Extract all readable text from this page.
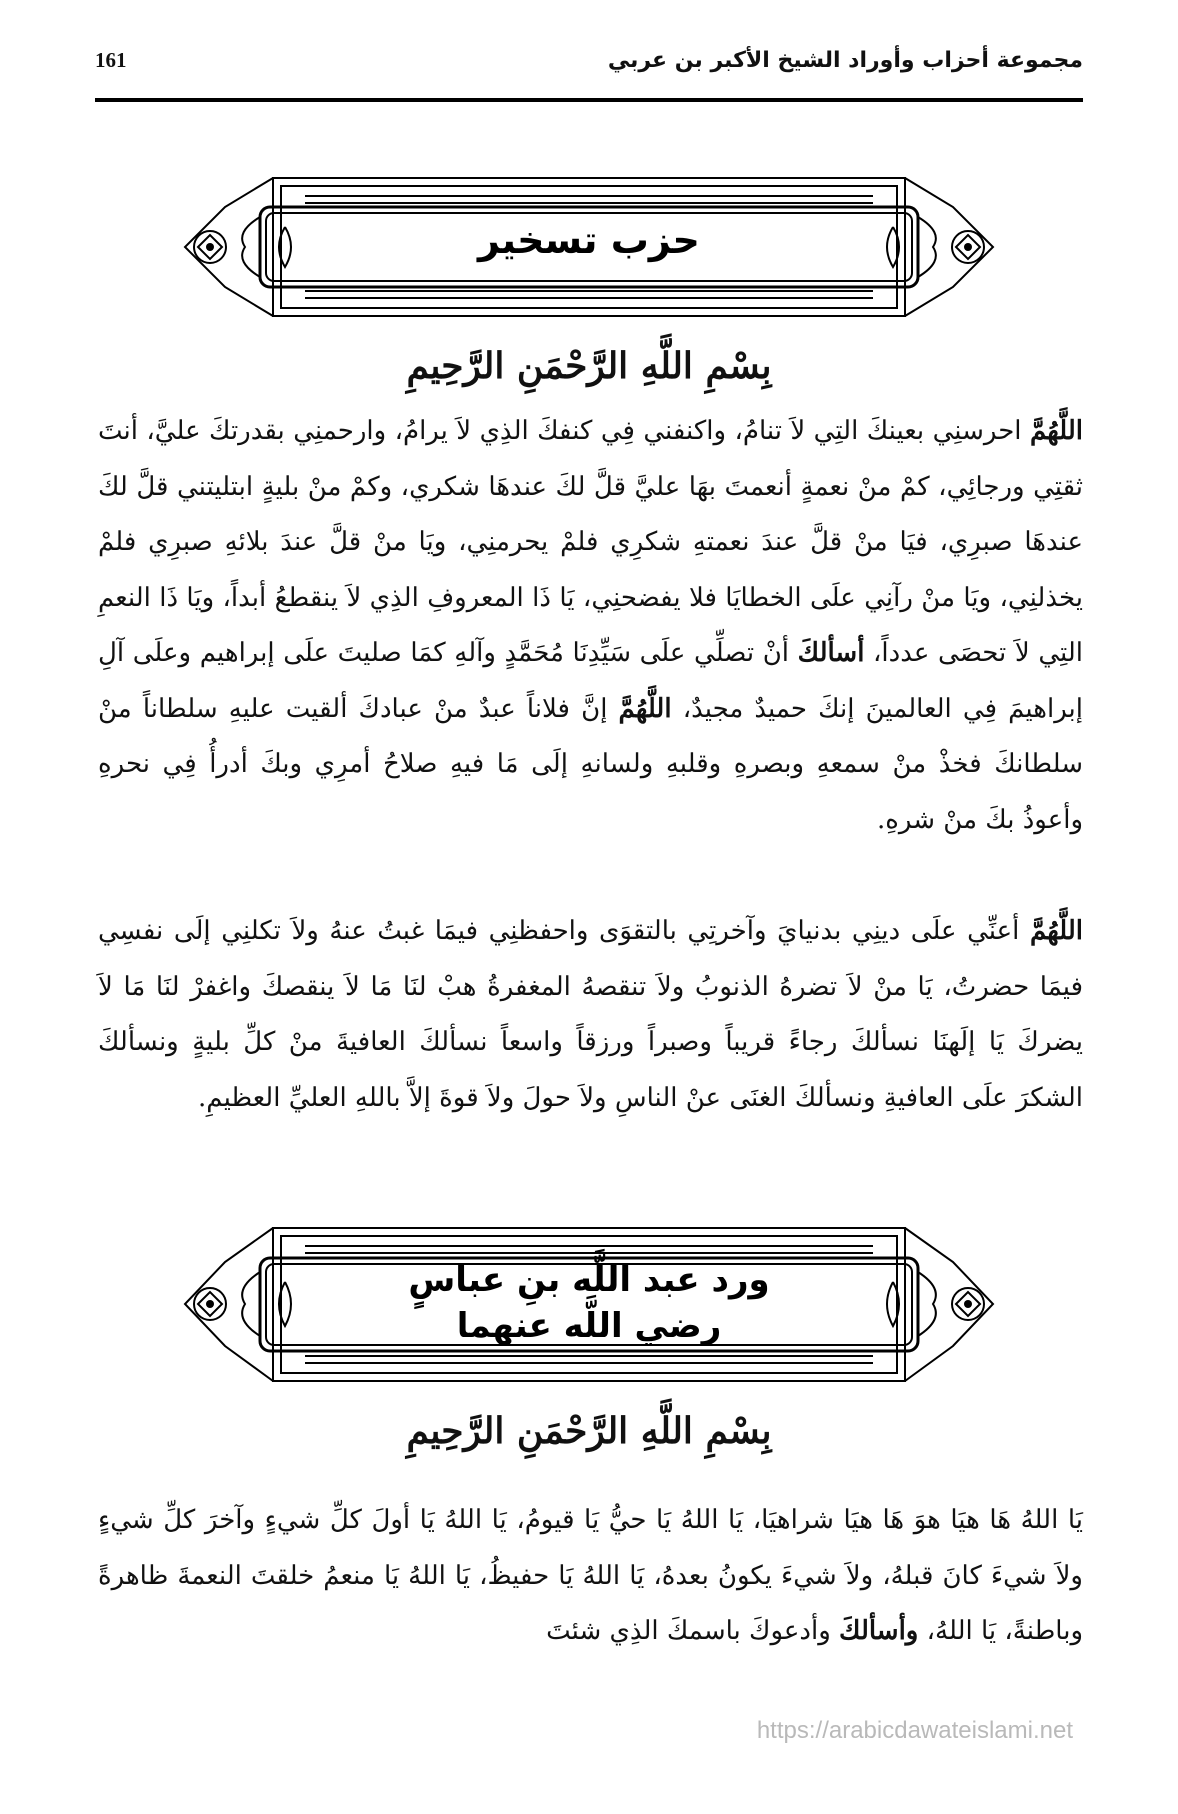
مجموعة أحزاب وأوراد الشيخ الأكبر بن عربي
161
حزب تسخير
بِسْمِ اللَّهِ الرَّحْمَنِ الرَّحِيمِ

اللَّهُمَّ احرسنِي بعينكَ التِي لاَ تنامُ، واكنفني فِي كنفكَ الذِي لاَ يرامُ، وارحمنِي بقدرتكَ عليَّ، أنتَ ثقتِي ورجائِي، كمْ منْ نعمةٍ أنعمتَ بهَا عليَّ قلَّ لكَ عندهَا شكري، وكمْ منْ بليةٍ ابتليتني قلَّ لكَ عندهَا صبرِي، فيَا منْ قلَّ عندَ نعمتهِ شكرِي فلمْ يحرمنِي، ويَا منْ قلَّ عندَ بلائهِ صبرِي فلمْ يخذلنِي، ويَا منْ رآنِي علَى الخطايَا فلا يفضحنِي، يَا ذَا المعروفِ الذِي لاَ ينقطعُ أبداً، ويَا ذَا النعمِ التِي لاَ تحصَى عدداً، أسألكَ أنْ تصلِّي علَى سَيِّدِنَا مُحَمَّدٍ وآلهِ كمَا صليتَ علَى إبراهيم وعلَى آلِ إبراهيمَ فِي العالمينَ إنكَ حميدٌ مجيدٌ، اللَّهُمَّ إنَّ فلاناً عبدٌ منْ عبادكَ ألقيت عليهِ سلطاناً منْ سلطانكَ فخذْ منْ سمعهِ وبصرهِ وقلبهِ ولسانهِ إلَى مَا فيهِ صلاحُ أمرِي وبكَ أدرأُ فِي نحرهِ وأعوذُ بكَ منْ شرهِ.

اللَّهُمَّ أعنِّي علَى دينِي بدنيايَ وآخرتِي بالتقوَى واحفظنِي فيمَا غبتُ عنهُ ولاَ تكلنِي إلَى نفسِي فيمَا حضرتُ، يَا منْ لاَ تضرهُ الذنوبُ ولاَ تنقصهُ المغفرةُ هبْ لنَا مَا لاَ ينقصكَ واغفرْ لنَا مَا لاَ يضركَ يَا إلَهنَا نسألكَ رجاءً قريباً وصبراً ورزقاً واسعاً نسألكَ العافيةَ منْ كلِّ بليةٍ ونسألكَ الشكرَ علَى العافيةِ ونسألكَ الغنَى عنْ الناسِ ولاَ حولَ ولاَ قوةَ إلاَّ باللهِ العليِّ العظيمِ.

ورد عبد اللَّه بنِ عباسٍ
رضي اللَّه عنهما
بِسْمِ اللَّهِ الرَّحْمَنِ الرَّحِيمِ

يَا اللهُ هَا هيَا هوَ هَا هيَا شراهيَا، يَا اللهُ يَا حيُّ يَا قيومُ، يَا اللهُ يَا أولَ كلِّ شيءٍ وآخرَ كلِّ شيءٍ ولاَ شيءَ كانَ قبلهُ، ولاَ شيءَ يكونُ بعدهُ، يَا اللهُ يَا حفيظُ، يَا اللهُ يَا منعمُ خلقتَ النعمةَ ظاهرةً وباطنةً، يَا اللهُ، وأسألكَ وأدعوكَ باسمكَ الذِي شئتَ

https://arabicdawateislami.net
